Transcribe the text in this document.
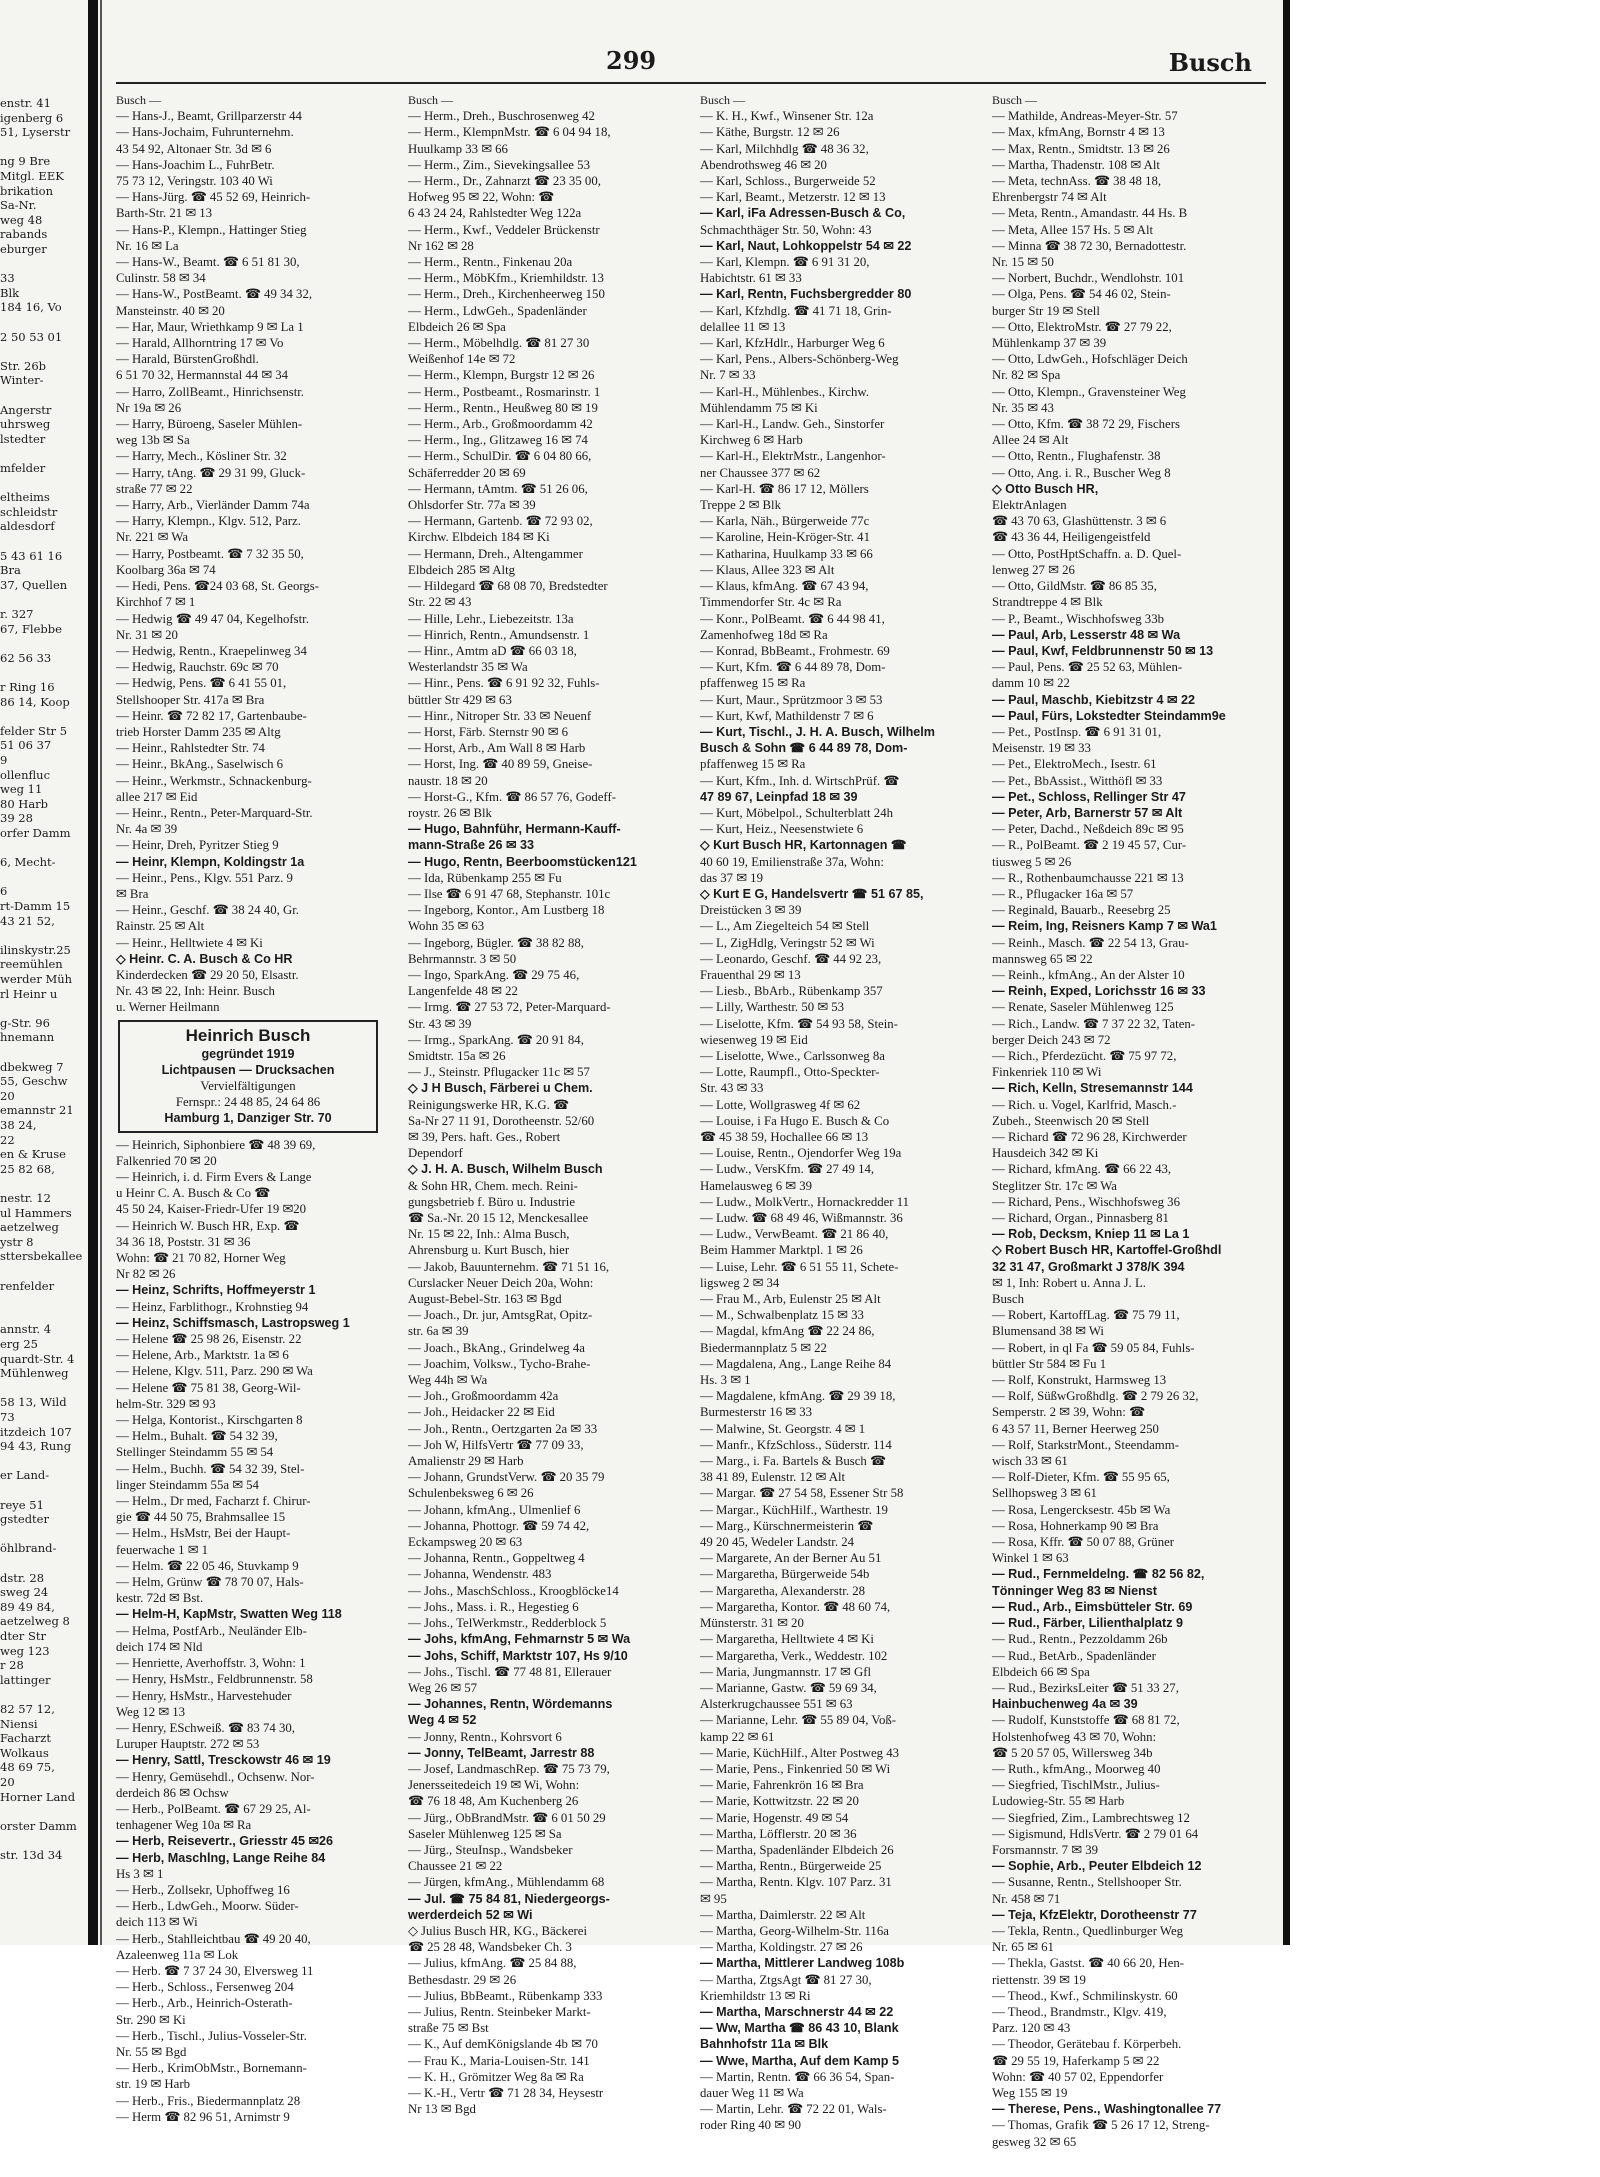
enstr. 41
igenberg 6
51, Lyserstr
ng 9 Bre
Mitgl. EEK
brikation
Sa-Nr.
weg 48
rabands
eburger
33
Blk
184 16, Vo
2 50 53 01
Str. 26b
Winter-
Angerstr
uhrsweg
lstedter
mfelder
eltheims
schleidstr
aldesdorf
5 43 61 16
Bra
37, Quellen
r. 327
67, Flebbe
62 56 33
r Ring 16
86 14, Koop
felder Str 5
51 06 37
9
ollenfluc
weg 11
80 Harb
39 28
orfer Damm
6, Mecht-
6
rt-Damm 15
43 21 52,
ilinskystr.25
reemühlen
werder Müh
rl Heinr u
g-Str. 96
hnemann
dbekweg 7
55, Geschw
20
emannstr 21
38 24,
22
en & Kruse
25 82 68,
nestr. 12
ul Hammers
aetzelweg
ystr 8
sttersbekallee
renfelder
annstr. 4
erg 25
quardt-Str. 4
Mühlenweg
58 13, Wild
73
itzdeich 107
94 43, Rung
er Land-
reye 51
gstedter
öhlbrand-
dstr. 28
sweg 24
89 49 84,
aetzelweg 8
dter Str
weg 123
r 28
lattinger
82 57 12,
Niensi
Facharzt
Wolkaus
48 69 75,
20
Horner Land
orster Damm
str. 13d 34
299	Busch
Busch —
— Hans-J., Beamt, Grillparzerstr 44
— Hans-Jochaim, Fuhrunternehm.
43 54 92, Altonaer Str. 3d ✉ 6
— Hans-Joachim L., FuhrBetr.
75 73 12, Veringstr. 103 40 Wi
— Hans-Jürg. ☎ 45 52 69, Heinrich-
Barth-Str. 21 ✉ 13
— Hans-P., Klempn., Hattinger Stieg
Nr. 16 ✉ La
— Hans-W., Beamt. ☎ 6 51 81 30,
Culinstr. 58 ✉ 34
— Hans-W., PostBeamt. ☎ 49 34 32,
Mansteinstr. 40 ✉ 20
— Har, Maur, Wriethkamp 9 ✉ La 1
— Harald, Allhorntring 17 ✉ Vo
— Harald, BürstenGroßhdl.
6 51 70 32, Hermannstal 44 ✉ 34
— Harro, ZollBeamt., Hinrichsenstr.
Nr 19a ✉ 26
— Harry, Büroeng, Saseler Mühlen-
weg 13b ✉ Sa
— Harry, Mech., Kösliner Str. 32
— Harry, tAng. ☎ 29 31 99, Gluck-
straße 77 ✉ 22
— Harry, Arb., Vierländer Damm 74a
— Harry, Klempn., Klgv. 512, Parz.
Nr. 221 ✉ Wa
— Harry, Postbeamt. ☎ 7 32 35 50,
Koolbarg 36a ✉ 74
— Hedi, Pens. ☎24 03 68, St. Georgs-
Kirchhof 7 ✉ 1
— Hedwig ☎ 49 47 04, Kegelhofstr.
Nr. 31 ✉ 20
— Hedwig, Rentn., Kraepelinweg 34
— Hedwig, Rauchstr. 69c ✉ 70
— Hedwig, Pens. ☎ 6 41 55 01,
Stellshooper Str. 417a ✉ Bra
— Heinr. ☎ 72 82 17, Gartenbaube-
trieb Horster Damm 235 ✉ Altg
— Heinr., Rahlstedter Str. 74
— Heinr., BkAng., Saselwisch 6
— Heinr., Werkmstr., Schnackenburg-
allee 217 ✉ Eid
— Heinr., Rentn., Peter-Marquard-Str.
Nr. 4a ✉ 39
— Heinr, Dreh, Pyritzer Stieg 9
— Heinr, Klempn, Koldingstr 1a
— Heinr., Pens., Klgv. 551 Parz. 9
✉ Bra
— Heinr., Geschf. ☎ 38 24 40, Gr.
Rainstr. 25 ✉ Alt
— Heinr., Helltwiete 4 ✉ Ki
◇ Heinr. C. A. Busch & Co HR
Kinderdecken ☎ 29 20 50, Elsastr.
Nr. 43 ✉ 22, Inh: Heinr. Busch
u. Werner Heilmann
Heinrich Busch
gegründet 1919
Lichtpausen — Drucksachen
Vervielfältigungen
Fernspr.: 24 48 85, 24 64 86
Hamburg 1, Danziger Str. 70
— Heinrich, Siphonbiere ☎ 48 39 69,
Falkenried 70 ✉ 20
— Heinrich, i. d. Firm Evers & Lange
u Heinr C. A. Busch & Co ☎
45 50 24, Kaiser-Friedr-Ufer 19 ✉20
— Heinrich W. Busch HR, Exp. ☎
34 36 18, Poststr. 31 ✉ 36
Wohn: ☎ 21 70 82, Horner Weg
Nr 82 ✉ 26
— Heinz, Schrifts, Hoffmeyerstr 1
— Heinz, Farblithogr., Krohnstieg 94
— Heinz, Schiffsmasch, Lastropsweg 1
— Helene ☎ 25 98 26, Eisenstr. 22
— Helene, Arb., Marktstr. 1a ✉ 6
— Helene, Klgv. 511, Parz. 290 ✉ Wa
— Helene ☎ 75 81 38, Georg-Wil-
helm-Str. 329 ✉ 93
— Helga, Kontorist., Kirschgarten 8
— Helm., Buhalt. ☎ 54 32 39,
Stellinger Steindamm 55 ✉ 54
— Helm., Buchh. ☎ 54 32 39, Stel-
linger Steindamm 55a ✉ 54
— Helm., Dr med, Facharzt f. Chirur-
gie ☎ 44 50 75, Brahmsallee 15
— Helm., HsMstr, Bei der Haupt-
feuerwache 1 ✉ 1
— Helm. ☎ 22 05 46, Stuvkamp 9
— Helm, Grünw ☎ 78 70 07, Hals-
kestr. 72d ✉ Bst.
— Helm-H, KapMstr, Swatten Weg 118
— Helma, PostfArb., Neuländer Elb-
deich 174 ✉ Nld
— Henriette, Averhoffstr. 3, Wohn: 1
— Henry, HsMstr., Feldbrunnenstr. 58
— Henry, HsMstr., Harvestehuder
Weg 12 ✉ 13
— Henry, ESchweiß. ☎ 83 74 30,
Luruper Hauptstr. 272 ✉ 53
— Henry, Sattl, Tresckowstr 46 ✉ 19
— Henry, Gemüsehdl., Ochsenw. Nor-
derdeich 86 ✉ Ochsw
— Herb., PolBeamt. ☎ 67 29 25, Al-
tenhagener Weg 10a ✉ Ra
— Herb, Reisevertr., Griesstr 45 ✉26
— Herb, Maschlng, Lange Reihe 84
Hs 3 ✉ 1
— Herb., Zollsekr, Uphoffweg 16
— Herb., LdwGeh., Moorw. Süder-
deich 113 ✉ Wi
— Herb., Stahlleichtbau ☎ 49 20 40,
Azaleenweg 11a ✉ Lok
— Herb. ☎ 7 37 24 30, Elversweg 11
— Herb., Schloss., Fersenweg 204
— Herb., Arb., Heinrich-Osterath-
Str. 290 ✉ Ki
— Herb., Tischl., Julius-Vosseler-Str.
Nr. 55 ✉ Bgd
— Herb., KrimObMstr., Bornemann-
str. 19 ✉ Harb
— Herb., Fris., Biedermannplatz 28
— Herm ☎ 82 96 51, Arnimstr 9
Busch —
— Herm., Dreh., Buschrosenweg 42
— Herm., KlempnMstr. ☎ 6 04 94 18,
Huulkamp 33 ✉ 66
— Herm., Zim., Sievekingsallee 53
— Herm., Dr., Zahnarzt ☎ 23 35 00,
Hofweg 95 ✉ 22, Wohn: ☎
6 43 24 24, Rahlstedter Weg 122a
— Herm., Kwf., Veddeler Brückenstr
Nr 162 ✉ 28
— Herm., Rentn., Finkenau 20a
— Herm., MöbKfm., Kriemhildstr. 13
— Herm., Dreh., Kirchenheerweg 150
— Herm., LdwGeh., Spadenländer
Elbdeich 26 ✉ Spa
— Herm., Möbelhdlg. ☎ 81 27 30
Weißenhof 14e ✉ 72
— Herm., Klempn, Burgstr 12 ✉ 26
— Herm., Postbeamt., Rosmarinstr. 1
— Herm., Rentn., Heußweg 80 ✉ 19
— Herm., Arb., Großmoordamm 42
— Herm., Ing., Glitzaweg 16 ✉ 74
— Herm., SchulDir. ☎ 6 04 80 66,
Schäferredder 20 ✉ 69
— Hermann, tAmtm. ☎ 51 26 06,
Ohlsdorfer Str. 77a ✉ 39
— Hermann, Gartenb. ☎ 72 93 02,
Kirchw. Elbdeich 184 ✉ Ki
— Hermann, Dreh., Altengammer
Elbdeich 285 ✉ Altg
— Hildegard ☎ 68 08 70, Bredstedter
Str. 22 ✉ 43
— Hille, Lehr., Liebezeitstr. 13a
— Hinrich, Rentn., Amundsenstr. 1
— Hinr., Amtm aD ☎ 66 03 18,
Westerlandstr 35 ✉ Wa
— Hinr., Pens. ☎ 6 91 92 32, Fuhls-
büttler Str 429 ✉ 63
— Hinr., Nitroper Str. 33 ✉ Neuenf
— Horst, Färb. Sternstr 90 ✉ 6
— Horst, Arb., Am Wall 8 ✉ Harb
— Horst, Ing. ☎ 40 89 59, Gneise-
naustr. 18 ✉ 20
— Horst-G., Kfm. ☎ 86 57 76, Godeff-
roystr. 26 ✉ Blk
— Hugo, Bahnführ, Hermann-Kauff-
mann-Straße 26 ✉ 33
— Hugo, Rentn, Beerboomstücken121
— Ida, Rübenkamp 255 ✉ Fu
— Ilse ☎ 6 91 47 68, Stephanstr. 101c
— Ingeborg, Kontor., Am Lustberg 18
Wohn 35 ✉ 63
— Ingeborg, Bügler. ☎ 38 82 88,
Behrmannstr. 3 ✉ 50
— Ingo, SparkAng. ☎ 29 75 46,
Langenfelde 48 ✉ 22
— Irmg. ☎ 27 53 72, Peter-Marquard-
Str. 43 ✉ 39
— Irmg., SparkAng. ☎ 20 91 84,
Smidtstr. 15a ✉ 26
— J., Steinstr. Pflugacker 11c ✉ 57
◇ J H Busch, Färberei u Chem.
Reinigungswerke HR, K.G. ☎
Sa-Nr 27 11 91, Dorotheenstr. 52/60
✉ 39, Pers. haft. Ges., Robert
Dependorf
◇ J. H. A. Busch, Wilhelm Busch
& Sohn HR, Chem. mech. Reini-
gungsbetrieb f. Büro u. Industrie
☎ Sa.-Nr. 20 15 12, Menckesallee
Nr. 15 ✉ 22, Inh.: Alma Busch,
Ahrensburg u. Kurt Busch, hier
— Jakob, Bauunternehm. ☎ 71 51 16,
Curslacker Neuer Deich 20a, Wohn:
August-Bebel-Str. 163 ✉ Bgd
— Joach., Dr. jur, AmtsgRat, Opitz-
str. 6a ✉ 39
— Joach., BkAng., Grindelweg 4a
— Joachim, Volksw., Tycho-Brahe-
Weg 44h ✉ Wa
— Joh., Großmoordamm 42a
— Joh., Heidacker 22 ✉ Eid
— Joh., Rentn., Oertzgarten 2a ✉ 33
— Joh W, HilfsVertr ☎ 77 09 33,
Amalienstr 29 ✉ Harb
— Johann, GrundstVerw. ☎ 20 35 79
Schulenbeksweg 6 ✉ 26
— Johann, kfmAng., Ulmenlief 6
— Johanna, Phottogr. ☎ 59 74 42,
Eckampsweg 20 ✉ 63
— Johanna, Rentn., Goppeltweg 4
— Johanna, Wendenstr. 483
— Johs., MaschSchloss., Kroogblöcke14
— Johs., Mass. i. R., Hegestieg 6
— Johs., TelWerkmstr., Redderblock 5
— Johs, kfmAng, Fehmarnstr 5 ✉ Wa
— Johs, Schiff, Marktstr 107, Hs 9/10
— Johs., Tischl. ☎ 77 48 81, Ellerauer
Weg 26 ✉ 57
— Johannes, Rentn, Wördemanns
Weg 4 ✉ 52
— Jonny, Rentn., Kohrsvort 6
— Jonny, TelBeamt, Jarrestr 88
— Josef, LandmaschRep. ☎ 75 73 79,
Jenersseitedeich 19 ✉ Wi, Wohn:
☎ 76 18 48, Am Kuchenberg 26
— Jürg., ObBrandMstr. ☎ 6 01 50 29
Saseler Mühlenweg 125 ✉ Sa
— Jürg., SteuInsp., Wandsbeker
Chaussee 21 ✉ 22
— Jürgen, kfmAng., Mühlendamm 68
— Jul. ☎ 75 84 81, Niedergeorgs-
werderdeich 52 ✉ Wi
◇ Julius Busch HR, KG., Bäckerei
☎ 25 28 48, Wandsbeker Ch. 3
— Julius, kfmAng. ☎ 25 84 88,
Bethesdastr. 29 ✉ 26
— Julius, BbBeamt., Rübenkamp 333
— Julius, Rentn. Steinbeker Markt-
straße 75 ✉ Bst
— K., Auf demKönigslande 4b ✉ 70
— Frau K., Maria-Louisen-Str. 141
— K. H., Grömitzer Weg 8a ✉ Ra
— K.-H., Vertr ☎ 71 28 34, Heysestr
Nr 13 ✉ Bgd
Busch —
— K. H., Kwf., Winsener Str. 12a
— Käthe, Burgstr. 12 ✉ 26
— Karl, Milchhdlg ☎ 48 36 32,
Abendrothsweg 46 ✉ 20
— Karl, Schloss., Burgerweide 52
— Karl, Beamt., Metzerstr. 12 ✉ 13
— Karl, iFa Adressen-Busch & Co,
Schmachthäger Str. 50, Wohn: 43
— Karl, Naut, Lohkoppelstr 54 ✉ 22
— Karl, Klempn. ☎ 6 91 31 20,
Habichtstr. 61 ✉ 33
— Karl, Rentn, Fuchsbergredder 80
— Karl, Kfzhdlg. ☎ 41 71 18, Grin-
delallee 11 ✉ 13
— Karl, KfzHdlr., Harburger Weg 6
— Karl, Pens., Albers-Schönberg-Weg
Nr. 7 ✉ 33
— Karl-H., Mühlenbes., Kirchw.
Mühlendamm 75 ✉ Ki
— Karl-H., Landw. Geh., Sinstorfer
Kirchweg 6 ✉ Harb
— Karl-H., ElektrMstr., Langenhor-
ner Chaussee 377 ✉ 62
— Karl-H. ☎ 86 17 12, Möllers
Treppe 2 ✉ Blk
— Karla, Näh., Bürgerweide 77c
— Karoline, Hein-Kröger-Str. 41
— Katharina, Huulkamp 33 ✉ 66
— Klaus, Allee 323 ✉ Alt
— Klaus, kfmAng. ☎ 67 43 94,
Timmendorfer Str. 4c ✉ Ra
— Konr., PolBeamt. ☎ 6 44 98 41,
Zamenhofweg 18d ✉ Ra
— Konrad, BbBeamt., Frohmestr. 69
— Kurt, Kfm. ☎ 6 44 89 78, Dom-
pfaffenweg 15 ✉ Ra
— Kurt, Maur., Sprützmoor 3 ✉ 53
— Kurt, Kwf, Mathildenstr 7 ✉ 6
— Kurt, Tischl., J. H. A. Busch, Wilhelm
Busch & Sohn ☎ 6 44 89 78, Dom-
pfaffenweg 15 ✉ Ra
— Kurt, Kfm., Inh. d. WirtschPrüf. ☎
47 89 67, Leinpfad 18 ✉ 39
— Kurt, Möbelpol., Schulterblatt 24h
— Kurt, Heiz., Neesenstwiete 6
◇ Kurt Busch HR, Kartonnagen ☎
40 60 19, Emilienstraße 37a, Wohn:
das 37 ✉ 19
◇ Kurt E G, Handelsvertr ☎ 51 67 85,
Dreistücken 3 ✉ 39
— L., Am Ziegelteich 54 ✉ Stell
— L, ZigHdlg, Veringstr 52 ✉ Wi
— Leonardo, Geschf. ☎ 44 92 23,
Frauenthal 29 ✉ 13
— Liesb., BbArb., Rübenkamp 357
— Lilly, Warthestr. 50 ✉ 53
— Liselotte, Kfm. ☎ 54 93 58, Stein-
wiesenweg 19 ✉ Eid
— Liselotte, Wwe., Carlssonweg 8a
— Lotte, Raumpfl., Otto-Speckter-
Str. 43 ✉ 33
— Lotte, Wollgrasweg 4f ✉ 62
— Louise, i Fa Hugo E. Busch & Co
☎ 45 38 59, Hochallee 66 ✉ 13
— Louise, Rentn., Ojendorfer Weg 19a
— Ludw., VersKfm. ☎ 27 49 14,
Hamelausweg 6 ✉ 39
— Ludw., MolkVertr., Hornackredder 11
— Ludw. ☎ 68 49 46, Wißmannstr. 36
— Ludw., VerwBeamt. ☎ 21 86 40,
Beim Hammer Marktpl. 1 ✉ 26
— Luise, Lehr. ☎ 6 51 55 11, Schete-
ligsweg 2 ✉ 34
— Frau M., Arb, Eulenstr 25 ✉ Alt
— M., Schwalbenplatz 15 ✉ 33
— Magdal, kfmAng ☎ 22 24 86,
Biedermannplatz 5 ✉ 22
— Magdalena, Ang., Lange Reihe 84
Hs. 3 ✉ 1
— Magdalene, kfmAng. ☎ 29 39 18,
Burmesterstr 16 ✉ 33
— Malwine, St. Georgstr. 4 ✉ 1
— Manfr., KfzSchloss., Süderstr. 114
— Marg., i. Fa. Bartels & Busch ☎
38 41 89, Eulenstr. 12 ✉ Alt
— Margar. ☎ 27 54 58, Essener Str 58
— Margar., KüchHilf., Warthestr. 19
— Marg., Kürschnermeisterin ☎
49 20 45, Wedeler Landstr. 24
— Margarete, An der Berner Au 51
— Margaretha, Bürgerweide 54b
— Margaretha, Alexanderstr. 28
— Margaretha, Kontor. ☎ 48 60 74,
Münsterstr. 31 ✉ 20
— Margaretha, Helltwiete 4 ✉ Ki
— Margaretha, Verk., Weddestr. 102
— Maria, Jungmannstr. 17 ✉ Gfl
— Marianne, Gastw. ☎ 59 69 34,
Alsterkrugchaussee 551 ✉ 63
— Marianne, Lehr. ☎ 55 89 04, Voß-
kamp 22 ✉ 61
— Marie, KüchHilf., Alter Postweg 43
— Marie, Pens., Finkenried 50 ✉ Wi
— Marie, Fahrenkrön 16 ✉ Bra
— Marie, Kottwitzstr. 22 ✉ 20
— Marie, Hogenstr. 49 ✉ 54
— Martha, Löfflerstr. 20 ✉ 36
— Martha, Spadenländer Elbdeich 26
— Martha, Rentn., Bürgerweide 25
— Martha, Rentn. Klgv. 107 Parz. 31
✉ 95
— Martha, Daimlerstr. 22 ✉ Alt
— Martha, Georg-Wilhelm-Str. 116a
— Martha, Koldingstr. 27 ✉ 26
— Martha, Mittlerer Landweg 108b
— Martha, ZtgsAgt ☎ 81 27 30,
Kriemhildstr 13 ✉ Ri
— Martha, Marschnerstr 44 ✉ 22
— Ww, Martha ☎ 86 43 10, Blank
Bahnhofstr 11a ✉ Blk
— Wwe, Martha, Auf dem Kamp 5
— Martin, Rentn. ☎ 66 36 54, Span-
dauer Weg 11 ✉ Wa
— Martin, Lehr. ☎ 72 22 01, Wals-
roder Ring 40 ✉ 90
Busch —
— Mathilde, Andreas-Meyer-Str. 57
— Max, kfmAng, Bornstr 4 ✉ 13
— Max, Rentn., Smidtstr. 13 ✉ 26
— Martha, Thadenstr. 108 ✉ Alt
— Meta, technAss. ☎ 38 48 18,
Ehrenbergstr 74 ✉ Alt
— Meta, Rentn., Amandastr. 44 Hs. B
— Meta, Allee 157 Hs. 5 ✉ Alt
— Minna ☎ 38 72 30, Bernadottestr.
Nr. 15 ✉ 50
— Norbert, Buchdr., Wendlohstr. 101
— Olga, Pens. ☎ 54 46 02, Stein-
burger Str 19 ✉ Stell
— Otto, ElektroMstr. ☎ 27 79 22,
Mühlenkamp 37 ✉ 39
— Otto, LdwGeh., Hofschläger Deich
Nr. 82 ✉ Spa
— Otto, Klempn., Gravensteiner Weg
Nr. 35 ✉ 43
— Otto, Kfm. ☎ 38 72 29, Fischers
Allee 24 ✉ Alt
— Otto, Rentn., Flughafenstr. 38
— Otto, Ang. i. R., Buscher Weg 8
◇ Otto Busch HR,
ElektrAnlagen
☎ 43 70 63, Glashüttenstr. 3 ✉ 6
☎ 43 36 44, Heiligengeistfeld
— Otto, PostHptSchaffn. a. D. Quel-
lenweg 27 ✉ 26
— Otto, GildMstr. ☎ 86 85 35,
Strandtreppe 4 ✉ Blk
— P., Beamt., Wischhofsweg 33b
— Paul, Arb, Lesserstr 48 ✉ Wa
— Paul, Kwf, Feldbrunnenstr 50 ✉ 13
— Paul, Pens. ☎ 25 52 63, Mühlen-
damm 10 ✉ 22
— Paul, Maschb, Kiebitzstr 4 ✉ 22
— Paul, Fürs, Lokstedter Steindamm9e
— Pet., PostInsp. ☎ 6 91 31 01,
Meisenstr. 19 ✉ 33
— Pet., ElektroMech., Isestr. 61
— Pet., BbAssist., Witthöfl ✉ 33
— Pet., Schloss, Rellinger Str 47
— Peter, Arb, Barnerstr 57 ✉ Alt
— Peter, Dachd., Neßdeich 89c ✉ 95
— R., PolBeamt. ☎ 2 19 45 57, Cur-
tiusweg 5 ✉ 26
— R., Rothenbaumchausse 221 ✉ 13
— R., Pflugacker 16a ✉ 57
— Reginald, Bauarb., Reesebrg 25
— Reim, Ing, Reisners Kamp 7 ✉ Wa1
— Reinh., Masch. ☎ 22 54 13, Grau-
mannsweg 65 ✉ 22
— Reinh., kfmAng., An der Alster 10
— Reinh, Exped, Lorichsstr 16 ✉ 33
— Renate, Saseler Mühlenweg 125
— Rich., Landw. ☎ 7 37 22 32, Taten-
berger Deich 243 ✉ 72
— Rich., Pferdezücht. ☎ 75 97 72,
Finkenriek 110 ✉ Wi
— Rich, Kelln, Stresemannstr 144
— Rich. u. Vogel, Karlfrid, Masch.-
Zubeh., Steenwisch 20 ✉ Stell
— Richard ☎ 72 96 28, Kirchwerder
Hausdeich 342 ✉ Ki
— Richard, kfmAng. ☎ 66 22 43,
Steglitzer Str. 17c ✉ Wa
— Richard, Pens., Wischhofsweg 36
— Richard, Organ., Pinnasberg 81
— Rob, Decksm, Kniep 11 ✉ La 1
◇ Robert Busch HR, Kartoffel-Großhdl
32 31 47, Großmarkt J 378/K 394
✉ 1, Inh: Robert u. Anna J. L.
Busch
— Robert, KartoffLag. ☎ 75 79 11,
Blumensand 38 ✉ Wi
— Robert, in ql Fa ☎ 59 05 84, Fuhls-
büttler Str 584 ✉ Fu 1
— Rolf, Konstrukt, Harmsweg 13
— Rolf, SüßwGroßhdlg. ☎ 2 79 26 32,
Semperstr. 2 ✉ 39, Wohn: ☎
6 43 57 11, Berner Heerweg 250
— Rolf, StarkstrMont., Steendamm-
wisch 33 ✉ 61
— Rolf-Dieter, Kfm. ☎ 55 95 65,
Sellhopsweg 3 ✉ 61
— Rosa, Lengercksestr. 45b ✉ Wa
— Rosa, Hohnerkamp 90 ✉ Bra
— Rosa, Kffr. ☎ 50 07 88, Grüner
Winkel 1 ✉ 63
— Rud., Fernmeldelng. ☎ 82 56 82,
Tönninger Weg 83 ✉ Nienst
— Rud., Arb., Eimsbütteler Str. 69
— Rud., Färber, Lilienthalplatz 9
— Rud., Rentn., Pezzoldamm 26b
— Rud., BetArb., Spadenländer
Elbdeich 66 ✉ Spa
— Rud., BezirksLeiter ☎ 51 33 27,
Hainbuchenweg 4a ✉ 39
— Rudolf, Kunststoffe ☎ 68 81 72,
Holstenhofweg 43 ✉ 70, Wohn:
☎ 5 20 57 05, Willersweg 34b
— Ruth., kfmAng., Moorweg 40
— Siegfried, TischlMstr., Julius-
Ludowieg-Str. 55 ✉ Harb
— Siegfried, Zim., Lambrechtsweg 12
— Sigismund, HdlsVertr. ☎ 2 79 01 64
Forsmannstr. 7 ✉ 39
— Sophie, Arb., Peuter Elbdeich 12
— Susanne, Rentn., Stellshooper Str.
Nr. 458 ✉ 71
— Teja, KfzElektr, Dorotheenstr 77
— Tekla, Rentn., Quedlinburger Weg
Nr. 65 ✉ 61
— Thekla, Gastst. ☎ 40 66 20, Hen-
riettenstr. 39 ✉ 19
— Theod., Kwf., Schmilinskystr. 60
— Theod., Brandmstr., Klgv. 419,
Parz. 120 ✉ 43
— Theodor, Gerätebau f. Körperbeh.
☎ 29 55 19, Haferkamp 5 ✉ 22
Wohn: ☎ 40 57 02, Eppendorfer
Weg 155 ✉ 19
— Therese, Pens., Washingtonallee 77
— Thomas, Grafik ☎ 5 26 17 12, Streng-
gesweg 32 ✉ 65
